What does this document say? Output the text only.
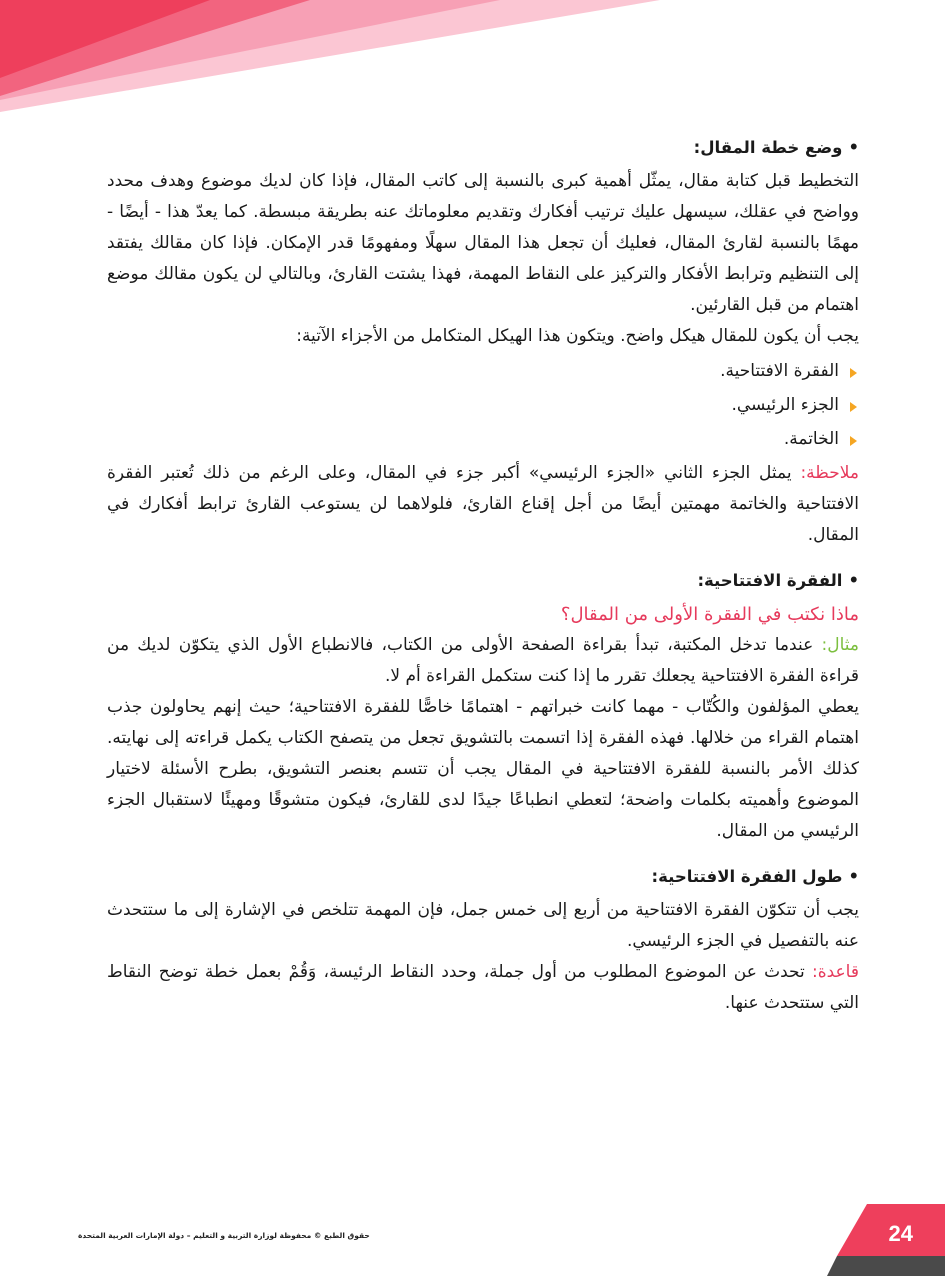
•وضع خطة المقال:

التخطيط قبل كتابة مقال، يمثّل أهمية كبرى بالنسبة إلى كاتب المقال، فإذا كان لديك موضوع وهدف محدد وواضح في عقلك، سيسهل عليك ترتيب أفكارك وتقديم معلوماتك عنه بطريقة مبسطة. كما يعدّ هذا - أيضًا - مهمًا بالنسبة لقارئ المقال، فعليك أن تجعل هذا المقال سهلًا ومفهومًا قدر الإمكان. فإذا كان مقالك يفتقد إلى التنظيم وترابط الأفكار والتركيز على النقاط المهمة، فهذا يشتت القارئ، وبالتالي لن يكون مقالك موضع اهتمام من قبل القارئين.

يجب أن يكون للمقال هيكل واضح. ويتكون هذا الهيكل المتكامل من الأجزاء الآتية:

الفقرة الافتتاحية.
الجزء الرئيسي.
الخاتمة.

ملاحظة: يمثل الجزء الثاني «الجزء الرئيسي» أكبر جزء في المقال، وعلى الرغم من ذلك تُعتبر الفقرة الافتتاحية والخاتمة مهمتين أيضًا من أجل إقناع القارئ، فلولاهما لن يستوعب القارئ ترابط أفكارك في المقال.

•الفقرة الافتتاحية:

ماذا نكتب في الفقرة الأولى من المقال؟

مثال: عندما تدخل المكتبة، تبدأ بقراءة الصفحة الأولى من الكتاب، فالانطباع الأول الذي يتكوّن لديك من قراءة الفقرة الافتتاحية يجعلك تقرر ما إذا كنت ستكمل القراءة أم لا.

يعطي المؤلفون والكُتّاب - مهما كانت خبراتهم - اهتمامًا خاصًّا للفقرة الافتتاحية؛ حيث إنهم يحاولون جذب اهتمام القراء من خلالها. فهذه الفقرة إذا اتسمت بالتشويق تجعل من يتصفح الكتاب يكمل قراءته إلى نهايته. كذلك الأمر بالنسبة للفقرة الافتتاحية في المقال يجب أن تتسم بعنصر التشويق، بطرح الأسئلة لاختيار الموضوع وأهميته بكلمات واضحة؛ لتعطي انطباعًا جيدًا لدى للقارئ، فيكون متشوقًا ومهيئًا لاستقبال الجزء الرئيسي من المقال.

•طول الفقرة الافتتاحية:

يجب أن تتكوّن الفقرة الافتتاحية من أربع إلى خمس جمل، فإن المهمة تتلخص في الإشارة إلى ما ستتحدث عنه بالتفصيل في الجزء الرئيسي.

قاعدة: تحدث عن الموضوع المطلوب من أول جملة، وحدد النقاط الرئيسة، وَقُمْ بعمل خطة توضح النقاط التي ستتحدث عنها.

حقوق الطبع © محفوظة لوزارة التربية و التعليم – دولة الإمارات العربية المتحدة	24
